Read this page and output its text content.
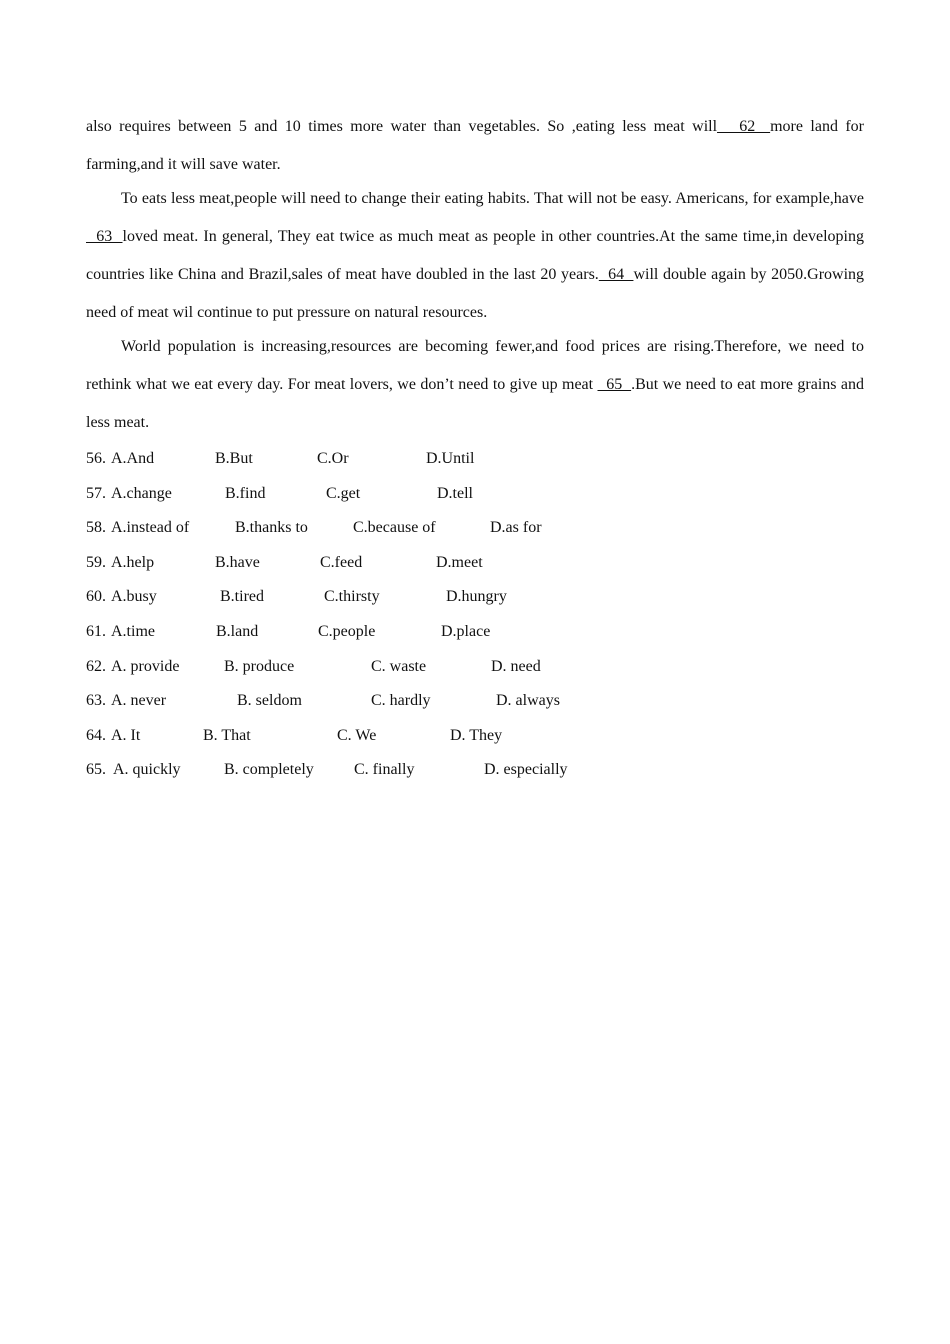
also requires between 5 and 10 times more water than vegetables. So ,eating less meat will   62  more land for farming,and it will save water.

To eats less meat,people will need to change their eating habits. That will not be easy. Americans, for example,have   63  loved meat. In general, They eat twice as much meat as people in other countries.At the same time,in developing countries like China and Brazil,sales of meat have doubled in the last 20 years.  64  will double again by 2050.Growing need of meat wil continue to put pressure on natural resources.

World population is increasing,resources are becoming fewer,and food prices are rising.Therefore, we need to rethink what we eat every day. For meat lovers, we don’t need to give up meat   65  .But we need to eat more grains and less meat.

56. A.And	B.But	C.Or	D.Until
57. A.change	B.find	C.get	D.tell
58. A.instead of	B.thanks to	C.because of	D.as for
59. A.help	B.have	C.feed	D.meet
60. A.busy	B.tired	C.thirsty	D.hungry
61. A.time	B.land	C.people	D.place
62. A. provide	B. produce	C. waste	D. need
63. A. never	B. seldom	C. hardly	D. always
64. A. It	B. That	C. We	D. They
65. A. quickly	B. completely	C. finally	D. especially
